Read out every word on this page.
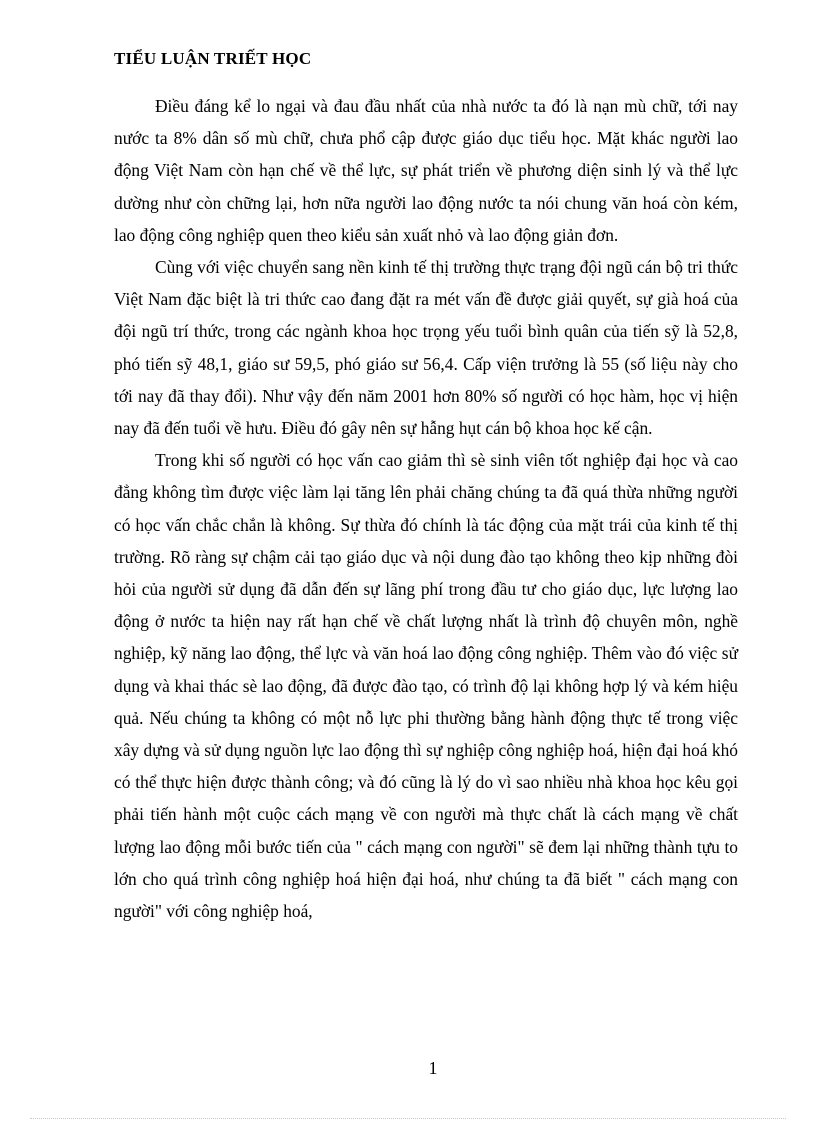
TIỂU LUẬN TRIẾT HỌC

Điều đáng kể lo ngại và đau đầu nhất của nhà nước ta đó là nạn mù chữ, tới nay nước ta 8% dân số mù chữ, chưa phổ cập được giáo dục tiểu học. Mặt khác người lao động Việt Nam còn hạn chế về thể lực, sự phát triển về phương diện sinh lý và thể lực dường như còn chững lại, hơn nữa người lao động nước ta nói chung văn hoá còn kém, lao động công nghiệp quen theo kiểu sản xuất nhỏ và lao động giản đơn.

Cùng với việc chuyển sang nền kinh tế thị trường thực trạng đội ngũ cán bộ tri thức Việt Nam đặc biệt là tri thức cao đang đặt ra mét vấn đề được giải quyết, sự già hoá của đội ngũ trí thức, trong các ngành khoa học trọng yếu tuổi bình quân của tiến sỹ là 52,8, phó tiến sỹ 48,1, giáo sư 59,5, phó giáo sư 56,4. Cấp viện trưởng là 55 (số liệu này cho tới nay đã thay đổi). Như vậy đến năm 2001 hơn 80% số người có học hàm, học vị hiện nay đã đến tuổi về hưu. Điều đó gây nên sự hẫng hụt cán bộ khoa học kế cận.

Trong khi số người có học vấn cao giảm thì sè sinh viên tốt nghiệp đại học và cao đẳng không tìm được việc làm lại tăng lên phải chăng chúng ta đã quá thừa những người có học vấn chắc chắn là không. Sự thừa đó chính là tác động của mặt trái của kinh tế thị trường. Rõ ràng sự chậm cải tạo giáo dục và nội dung đào tạo không theo kịp những đòi hỏi của người sử dụng đã dẫn đến sự lãng phí trong đầu tư cho giáo dục, lực lượng lao động ở nước ta hiện nay rất hạn chế về chất lượng nhất là trình độ chuyên môn, nghề nghiệp, kỹ năng lao động, thể lực và văn hoá lao động công nghiệp. Thêm vào đó việc sử dụng và khai thác sè lao động, đã được đào tạo, có trình độ lại không hợp lý và kém hiệu quả. Nếu chúng ta không có một nỗ lực phi thường bằng hành động thực tế trong việc xây dựng và sử dụng nguồn lực lao động thì sự nghiệp công nghiệp hoá, hiện đại hoá khó có thể thực hiện được thành công; và đó cũng là lý do vì sao nhiều nhà khoa học kêu gọi phải tiến hành một cuộc cách mạng về con người mà thực chất là cách mạng về chất lượng lao động mỗi bước tiến của " cách mạng con người" sẽ đem lại những thành tựu to lớn cho quá trình công nghiệp hoá hiện đại hoá, như chúng ta đã biết " cách mạng con người" với công nghiệp hoá,

1
